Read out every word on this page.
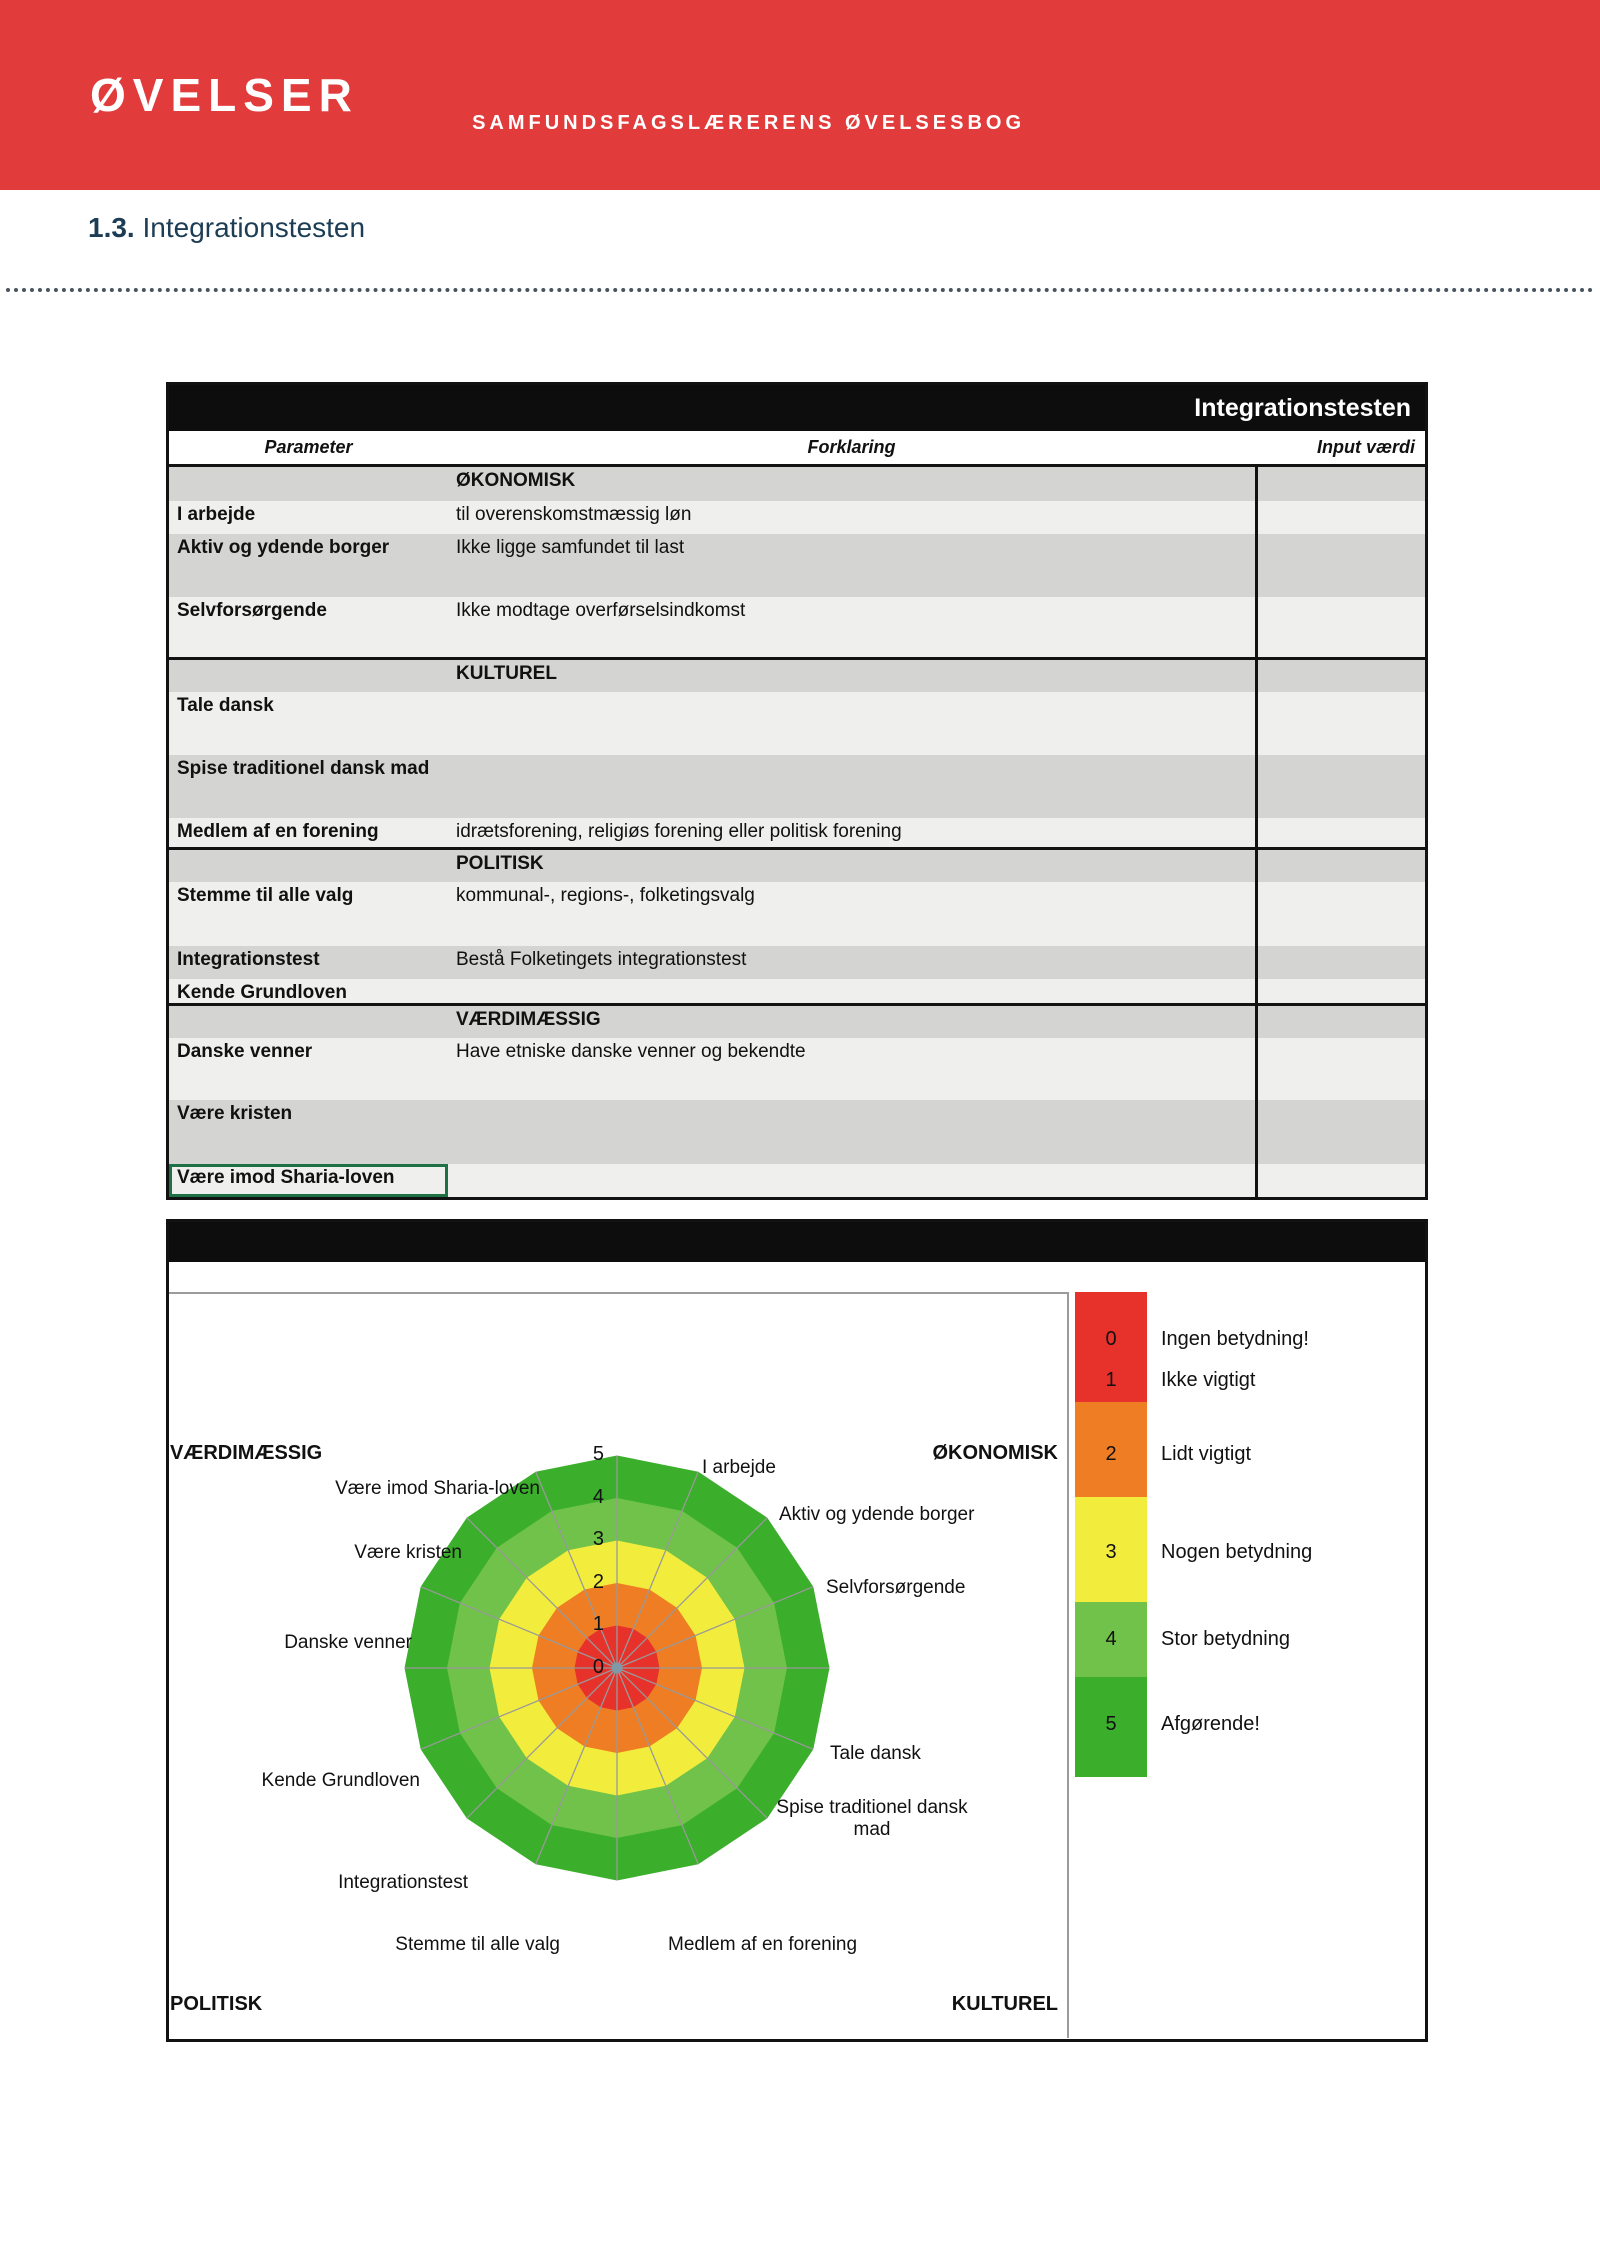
ØVELSER
SAMFUNDSFAGSLÆRERENS ØVELSESBOG
1.3. Integrationstesten
Integrationstesten
Parameter	Forklaring	Input værdi
ØKONOMISK
I arbejde	til overenskomstmæssig løn
Aktiv og ydende borger	Ikke ligge samfundet til last
Selvforsørgende	Ikke modtage overførselsindkomst
KULTUREL
Tale dansk
Spise traditionel dansk mad
Medlem af en forening	idrætsforening, religiøs forening eller politisk forening
POLITISK
Stemme til alle valg	kommunal-, regions-, folketingsvalg
Integrationstest	Bestå Folketingets integrationstest
Kende Grundloven
VÆRDIMÆSSIG
Danske venner	Have etniske danske venner og bekendte
Være kristen
Være imod Sharia-loven
0
1
2
3
4
5
I arbejde
Aktiv og ydende borger
Selvforsørgende
Tale dansk
Spise traditionel dansk mad
Medlem af en forening
Stemme til alle valg
Integrationstest
Kende Grundloven
Danske venner
Være kristen
Være imod Sharia-loven
VÆRDIMÆSSIG	ØKONOMISK
POLITISK	KULTUREL
0
1
2
3
4
5
Ingen betydning!
Ikke vigtigt
Lidt vigtigt
Nogen betydning
Stor betydning
Afgørende!
